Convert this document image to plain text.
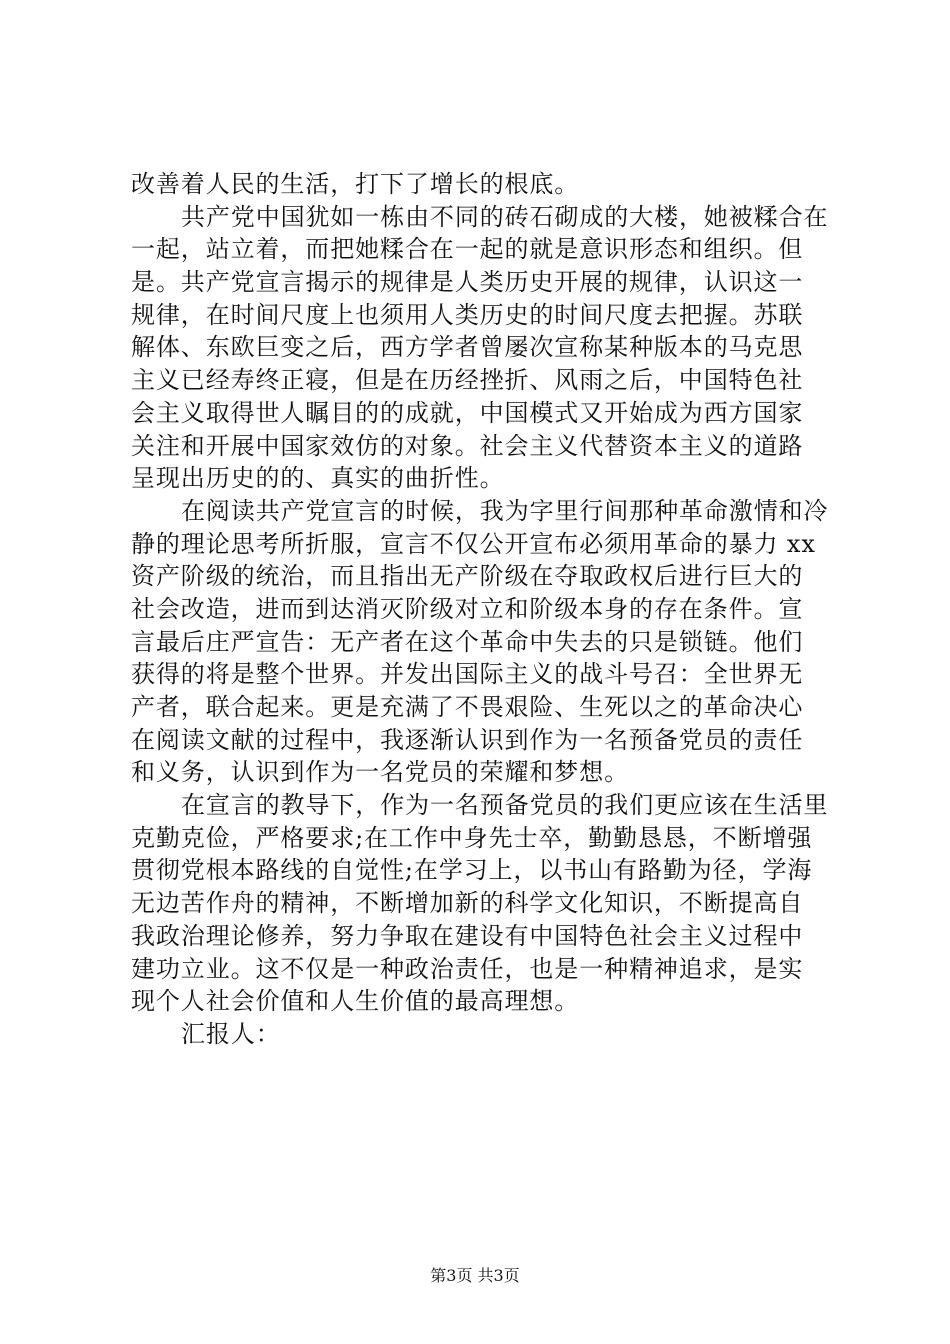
改善着人民的生活，打下了增长的根底。
共产党中国犹如一栋由不同的砖石砌成的大楼，她被糅合在
一起，站立着，而把她糅合在一起的就是意识形态和组织。但
是。共产党宣言揭示的规律是人类历史开展的规律，认识这一
规律，在时间尺度上也须用人类历史的时间尺度去把握。苏联
解体、东欧巨变之后，西方学者曾屡次宣称某种版本的马克思
主义已经寿终正寝，但是在历经挫折、风雨之后，中国特色社
会主义取得世人瞩目的的成就，中国模式又开始成为西方国家
关注和开展中国家效仿的对象。社会主义代替资本主义的道路
呈现出历史的的、真实的曲折性。
在阅读共产党宣言的时候，我为字里行间那种革命激情和冷
静的理论思考所折服，宣言不仅公开宣布必须用革命的暴力 xx
资产阶级的统治，而且指出无产阶级在夺取政权后进行巨大的
社会改造，进而到达消灭阶级对立和阶级本身的存在条件。宣
言最后庄严宣告：无产者在这个革命中失去的只是锁链。他们
获得的将是整个世界。并发出国际主义的战斗号召：全世界无
产者，联合起来。更是充满了不畏艰险、生死以之的革命决心
在阅读文献的过程中，我逐渐认识到作为一名预备党员的责任
和义务，认识到作为一名党员的荣耀和梦想。
在宣言的教导下，作为一名预备党员的我们更应该在生活里
克勤克俭，严格要求;在工作中身先士卒，勤勤恳恳，不断增强
贯彻党根本路线的自觉性;在学习上，以书山有路勤为径，学海
无边苦作舟的精神，不断增加新的科学文化知识，不断提高自
我政治理论修养，努力争取在建设有中国特色社会主义过程中
建功立业。这不仅是一种政治责任，也是一种精神追求，是实
现个人社会价值和人生价值的最高理想。
汇报人：
第3页 共3页
